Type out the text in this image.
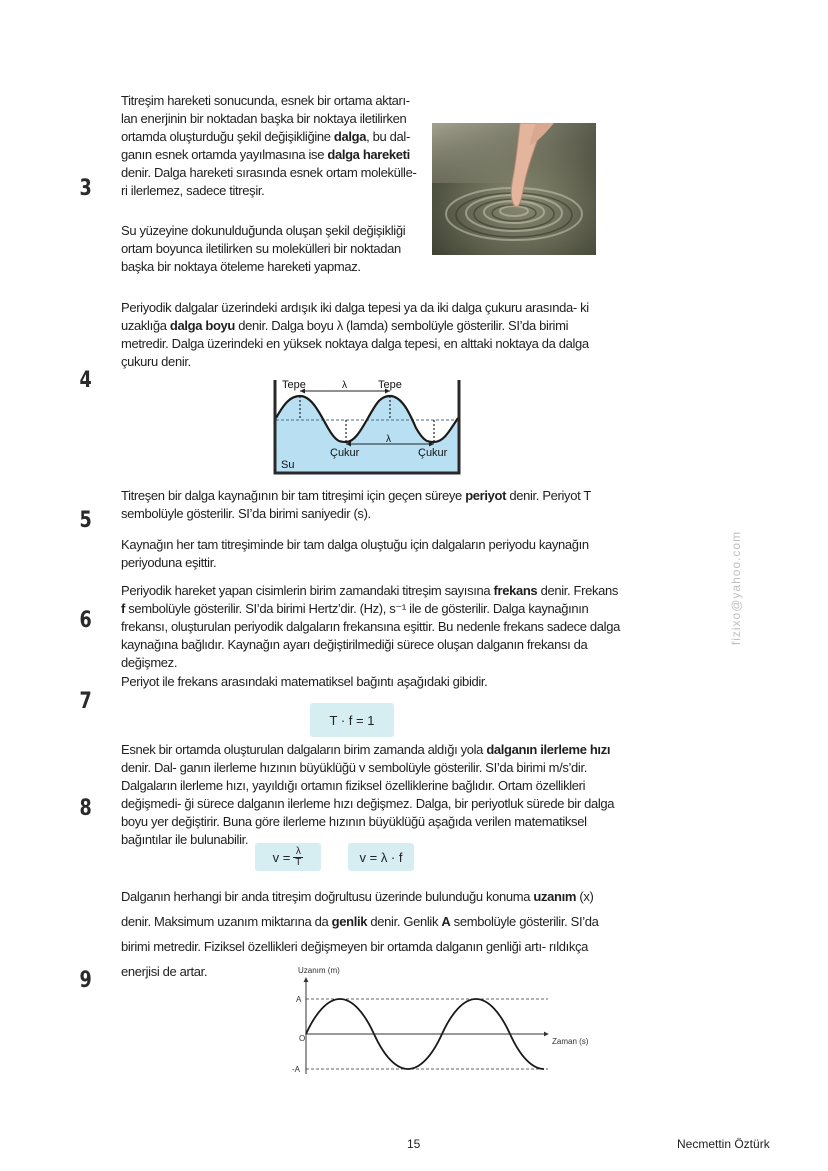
3
4
5
6
7
8
9

Titreşim hareketi sonucunda, esnek bir ortama aktarı- lan enerjinin bir noktadan başka bir noktaya iletilirken ortamda oluşturduğu şekil değişikliğine dalga, bu dal- ganın esnek ortamda yayılmasına ise dalga hareketi denir. Dalga hareketi sırasında esnek ortam molekülle- ri ilerlemez, sadece titreşir.

Su yüzeyine dokunulduğunda oluşan şekil değişikliği ortam boyunca iletilirken su molekülleri bir noktadan başka bir noktaya öteleme hareketi yapmaz.

Periyodik dalgalar üzerindeki ardışık iki dalga tepesi ya da iki dalga çukuru arasında- ki uzaklığa dalga boyu denir. Dalga boyu λ (lamda) sembolüyle gösterilir. SI’da birimi metredir. Dalga üzerindeki en yüksek noktaya dalga tepesi, en alttaki noktaya da dalga çukuru denir.

Tepe	Tepe
λ
λ
Çukur	Çukur
Su

Titreşen bir dalga kaynağının bir tam titreşimi için geçen süreye periyot denir. Periyot T sembolüyle gösterilir. SI’da birimi saniyedir (s).

Kaynağın her tam titreşiminde bir tam dalga oluştuğu için dalgaların periyodu kaynağın periyoduna eşittir.

Periyodik hareket yapan cisimlerin birim zamandaki titreşim sayısına frekans denir. Frekans f sembolüyle gösterilir. SI’da birimi Hertz’dir. (Hz), s⁻¹ ile de gösterilir. Dalga kaynağının frekansı, oluşturulan periyodik dalgaların frekansına eşittir. Bu nedenle frekans sadece dalga kaynağına bağlıdır. Kaynağın ayarı değiştirilmediği sürece oluşan dalganın frekansı da değişmez.

Periyot ile frekans arasındaki matematiksel bağıntı aşağıdaki gibidir.

T · f = 1

Esnek bir ortamda oluşturulan dalgaların birim zamanda aldığı yola dalganın ilerleme hızı denir. Dal- ganın ilerleme hızının büyüklüğü v sembolüyle gösterilir. SI’da birimi m/s’dir.

Dalgaların ilerleme hızı, yayıldığı ortamın fiziksel özelliklerine bağlıdır. Ortam özellikleri değişmedi- ği sürece dalganın ilerleme hızı değişmez. Dalga, bir periyotluk sürede bir dalga boyu yer değiştirir. Buna göre ilerleme hızının büyüklüğü aşağıda verilen matematiksel bağıntılar ile bulunabilir.

$v = \frac{\lambda}{T}$	v = λ · f

Dalganın herhangi bir anda titreşim doğrultusu üzerinde bulunduğu konuma uzanım (x) denir. Maksimum uzanım miktarına da genlik denir. Genlik A sembolüyle gösterilir. SI’da birimi metredir. Fiziksel özellikleri değişmeyen bir ortamda dalganın genliği artı- rıldıkça enerjisi de artar.	Uzanım (m)
Zaman (s)
A
O
-A
fizixo@yahoo.com
15	Necmettin Öztürk
